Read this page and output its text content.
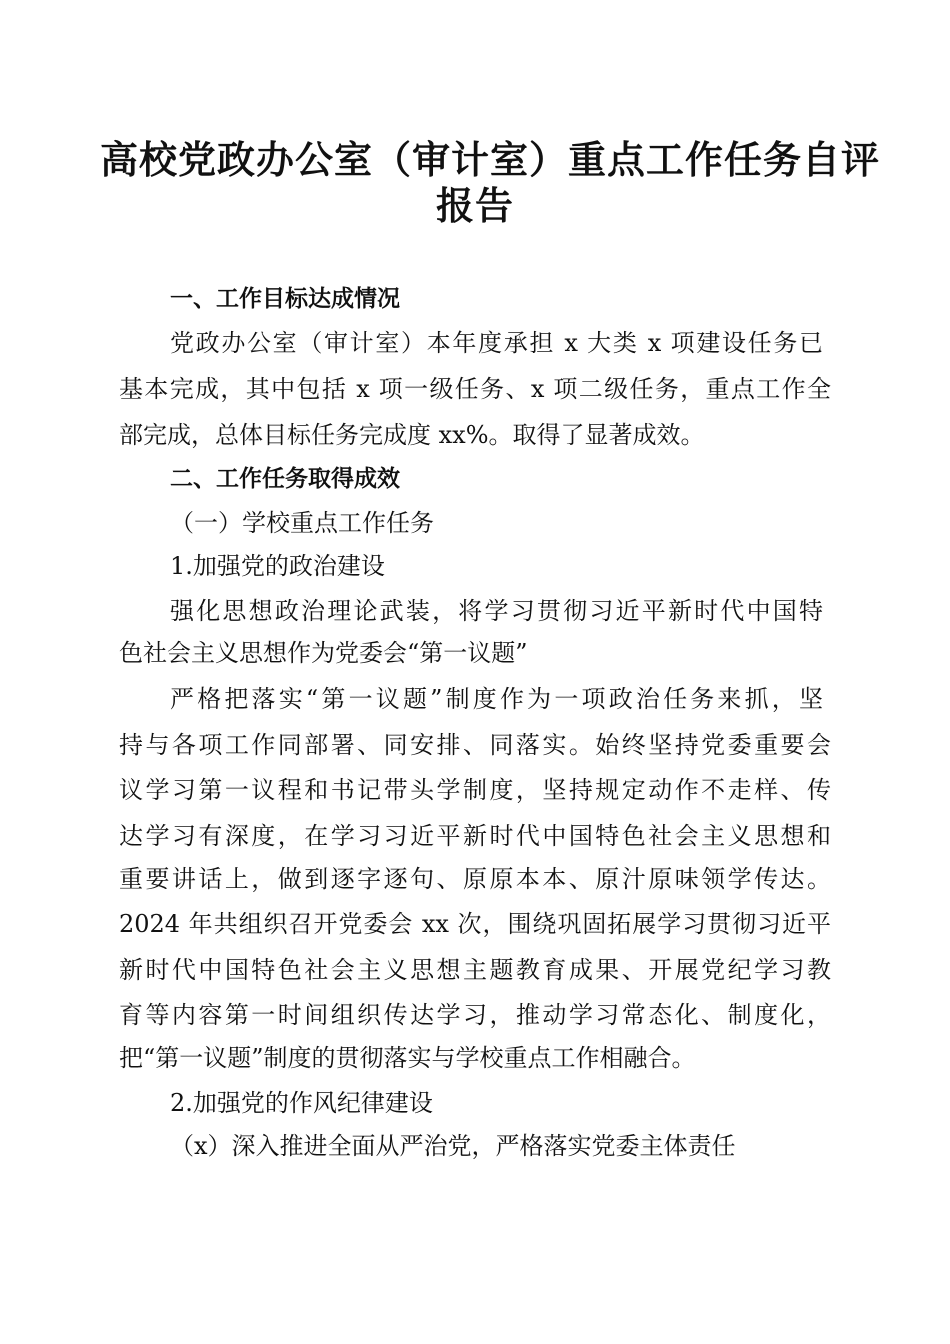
高校党政办公室（审计室）重点工作任务自评
报告
一、工作目标达成情况
党政办公室（审计室）本年度承担 x 大类 x 项建设任务已
基本完成，其中包括 x 项一级任务、x 项二级任务，重点工作全
部完成，总体目标任务完成度 xx%。取得了显著成效。
二、工作任务取得成效
（一）学校重点工作任务
1.加强党的政治建设
强化思想政治理论武装，将学习贯彻习近平新时代中国特
色社会主义思想作为党委会“第一议题”
严格把落实“第一议题”制度作为一项政治任务来抓，坚
持与各项工作同部署、同安排、同落实。始终坚持党委重要会
议学习第一议程和书记带头学制度，坚持规定动作不走样、传
达学习有深度，在学习习近平新时代中国特色社会主义思想和
重要讲话上，做到逐字逐句、原原本本、原汁原味领学传达。
2024 年共组织召开党委会 xx 次，围绕巩固拓展学习贯彻习近平
新时代中国特色社会主义思想主题教育成果、开展党纪学习教
育等内容第一时间组织传达学习，推动学习常态化、制度化，
把“第一议题”制度的贯彻落实与学校重点工作相融合。
2.加强党的作风纪律建设
（x）深入推进全面从严治党，严格落实党委主体责任
